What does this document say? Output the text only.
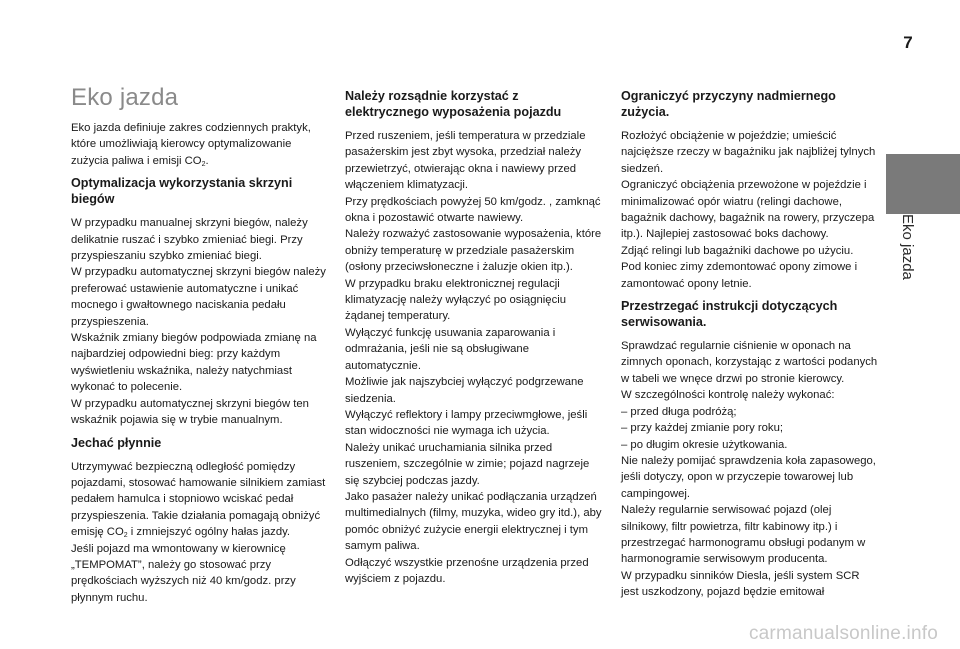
7
Eko jazda
Eko jazda

Eko jazda definiuje zakres codziennych praktyk, które umożliwiają kierowcy optymalizowanie zużycia paliwa i emisji $CO_2$.

Optymalizacja wykorzystania skrzyni biegów

W przypadku manualnej skrzyni biegów, należy delikatnie ruszać i szybko zmieniać biegi. Przy przyspieszaniu szybko zmieniać biegi.
W przypadku automatycznej skrzyni biegów należy preferować ustawienie automatyczne i unikać mocnego i gwałtownego naciskania pedału przyspieszenia.
Wskaźnik zmiany biegów podpowiada zmianę na najbardziej odpowiedni bieg: przy każdym wyświetleniu wskaźnika, należy natychmiast wykonać to polecenie.
W przypadku automatycznej skrzyni biegów ten wskaźnik pojawia się w trybie manualnym.

Jechać płynnie

Utrzymywać bezpieczną odległość pomiędzy pojazdami, stosować hamowanie silnikiem zamiast pedałem hamulca i stopniowo wciskać pedał przyspieszenia. Takie działania pomagają obniżyć emisję $CO_2$ i zmniejszyć ogólny hałas jazdy.
Jeśli pojazd ma wmontowany w kierownicę „TEMPOMAT”, należy go stosować przy prędkościach wyższych niż 40 km/godz. przy płynnym ruchu.

Należy rozsądnie korzystać z elektrycznego wyposażenia pojazdu

Przed ruszeniem, jeśli temperatura w przedziale pasażerskim jest zbyt wysoka, przedział należy przewietrzyć, otwierając okna i nawiewy przed włączeniem klimatyzacji.
Przy prędkościach powyżej 50 km/godz. , zamknąć okna i pozostawić otwarte nawiewy.
Należy rozważyć zastosowanie wyposażenia, które obniży temperaturę w przedziale pasażerskim (osłony przeciwsłoneczne i żaluzje okien itp.).
W przypadku braku elektronicznej regulacji klimatyzację należy wyłączyć po osiągnięciu żądanej temperatury.
Wyłączyć funkcję usuwania zaparowania i odmrażania, jeśli nie są obsługiwane automatycznie.
Możliwie jak najszybciej wyłączyć podgrzewane siedzenia.
Wyłączyć reflektory i lampy przeciwmgłowe, jeśli stan widoczności nie wymaga ich użycia.
Należy unikać uruchamiania silnika przed ruszeniem, szczególnie w zimie; pojazd nagrzeje się szybciej podczas jazdy.
Jako pasażer należy unikać podłączania urządzeń multimedialnych (filmy, muzyka, wideo gry itd.), aby pomóc obniżyć zużycie energii elektrycznej i tym samym paliwa.
Odłączyć wszystkie przenośne urządzenia przed wyjściem z pojazdu.

Ograniczyć przyczyny nadmiernego zużycia.

Rozłożyć obciążenie w pojeździe; umieścić najcięższe rzeczy w bagażniku jak najbliżej tylnych siedzeń.
Ograniczyć obciążenia przewożone w pojeździe i minimalizować opór wiatru (relingi dachowe, bagażnik dachowy, bagażnik na rowery, przyczepa itp.). Najlepiej zastosować boks dachowy.
Zdjąć relingi lub bagażniki dachowe po użyciu.
Pod koniec zimy zdemontować opony zimowe i zamontować opony letnie.

Przestrzegać instrukcji dotyczących serwisowania.

Sprawdzać regularnie ciśnienie w oponach na zimnych oponach, korzystając z wartości podanych w tabeli we wnęce drzwi po stronie kierowcy.
W szczególności kontrolę należy wykonać:
– przed długa podróżą;
– przy każdej zmianie pory roku;
– po długim okresie użytkowania.
Nie należy pomijać sprawdzenia koła zapasowego, jeśli dotyczy, opon w przyczepie towarowej lub campingowej.
Należy regularnie serwisować pojazd (olej silnikowy, filtr powietrza, filtr kabinowy itp.) i przestrzegać harmonogramu obsługi podanym w harmonogramie serwisowym producenta.
W przypadku sinników Diesla, jeśli system SCR jest uszkodzony, pojazd będzie emitował

carmanualsonline.info
